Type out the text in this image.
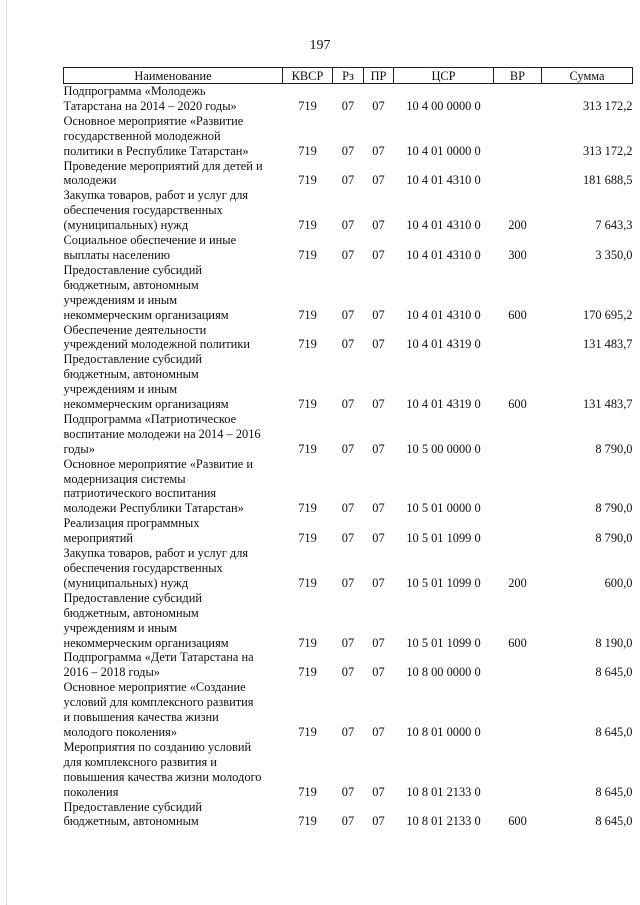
197
Наименование	КВСР	Рз	ПР	ЦСР	ВР	Сумма

Подпрограмма «Молодежь
Татарстана на 2014 – 2020 годы»	719	07	07	10 4 00 0000 0		313 172,2

Основное мероприятие «Развитие
государственной молодежной
политики в Республике Татарстан»	719	07	07	10 4 01 0000 0		313 172,2

Проведение мероприятий для детей и
молодежи	719	07	07	10 4 01 4310 0		181 688,5

Закупка товаров, работ и услуг для
обеспечения государственных
(муниципальных) нужд	719	07	07	10 4 01 4310 0	200	7 643,3

Социальное обеспечение и иные
выплаты населению	719	07	07	10 4 01 4310 0	300	3 350,0

Предоставление субсидий
бюджетным, автономным
учреждениям и иным
некоммерческим организациям	719	07	07	10 4 01 4310 0	600	170 695,2

Обеспечение деятельности
учреждений молодежной политики	719	07	07	10 4 01 4319 0		131 483,7

Предоставление субсидий
бюджетным, автономным
учреждениям и иным
некоммерческим организациям	719	07	07	10 4 01 4319 0	600	131 483,7

Подпрограмма «Патриотическое
воспитание молодежи на 2014 – 2016
годы»	719	07	07	10 5 00 0000 0		8 790,0

Основное мероприятие «Развитие и
модернизация системы
патриотического воспитания
молодежи Республики Татарстан»	719	07	07	10 5 01 0000 0		8 790,0

Реализация программных
мероприятий	719	07	07	10 5 01 1099 0		8 790,0

Закупка товаров, работ и услуг для
обеспечения государственных
(муниципальных) нужд	719	07	07	10 5 01 1099 0	200	600,0

Предоставление субсидий
бюджетным, автономным
учреждениям и иным
некоммерческим организациям	719	07	07	10 5 01 1099 0	600	8 190,0

Подпрограмма «Дети Татарстана на
2016 – 2018 годы»	719	07	07	10 8 00 0000 0		8 645,0

Основное мероприятие «Создание
условий для комплексного развития
и повышения качества жизни
молодого поколения»	719	07	07	10 8 01 0000 0		8 645,0

Мероприятия по созданию условий
для комплексного развития и
повышения качества жизни молодого
поколения	719	07	07	10 8 01 2133 0		8 645,0

Предоставление субсидий
бюджетным, автономным	719	07	07	10 8 01 2133 0	600	8 645,0
